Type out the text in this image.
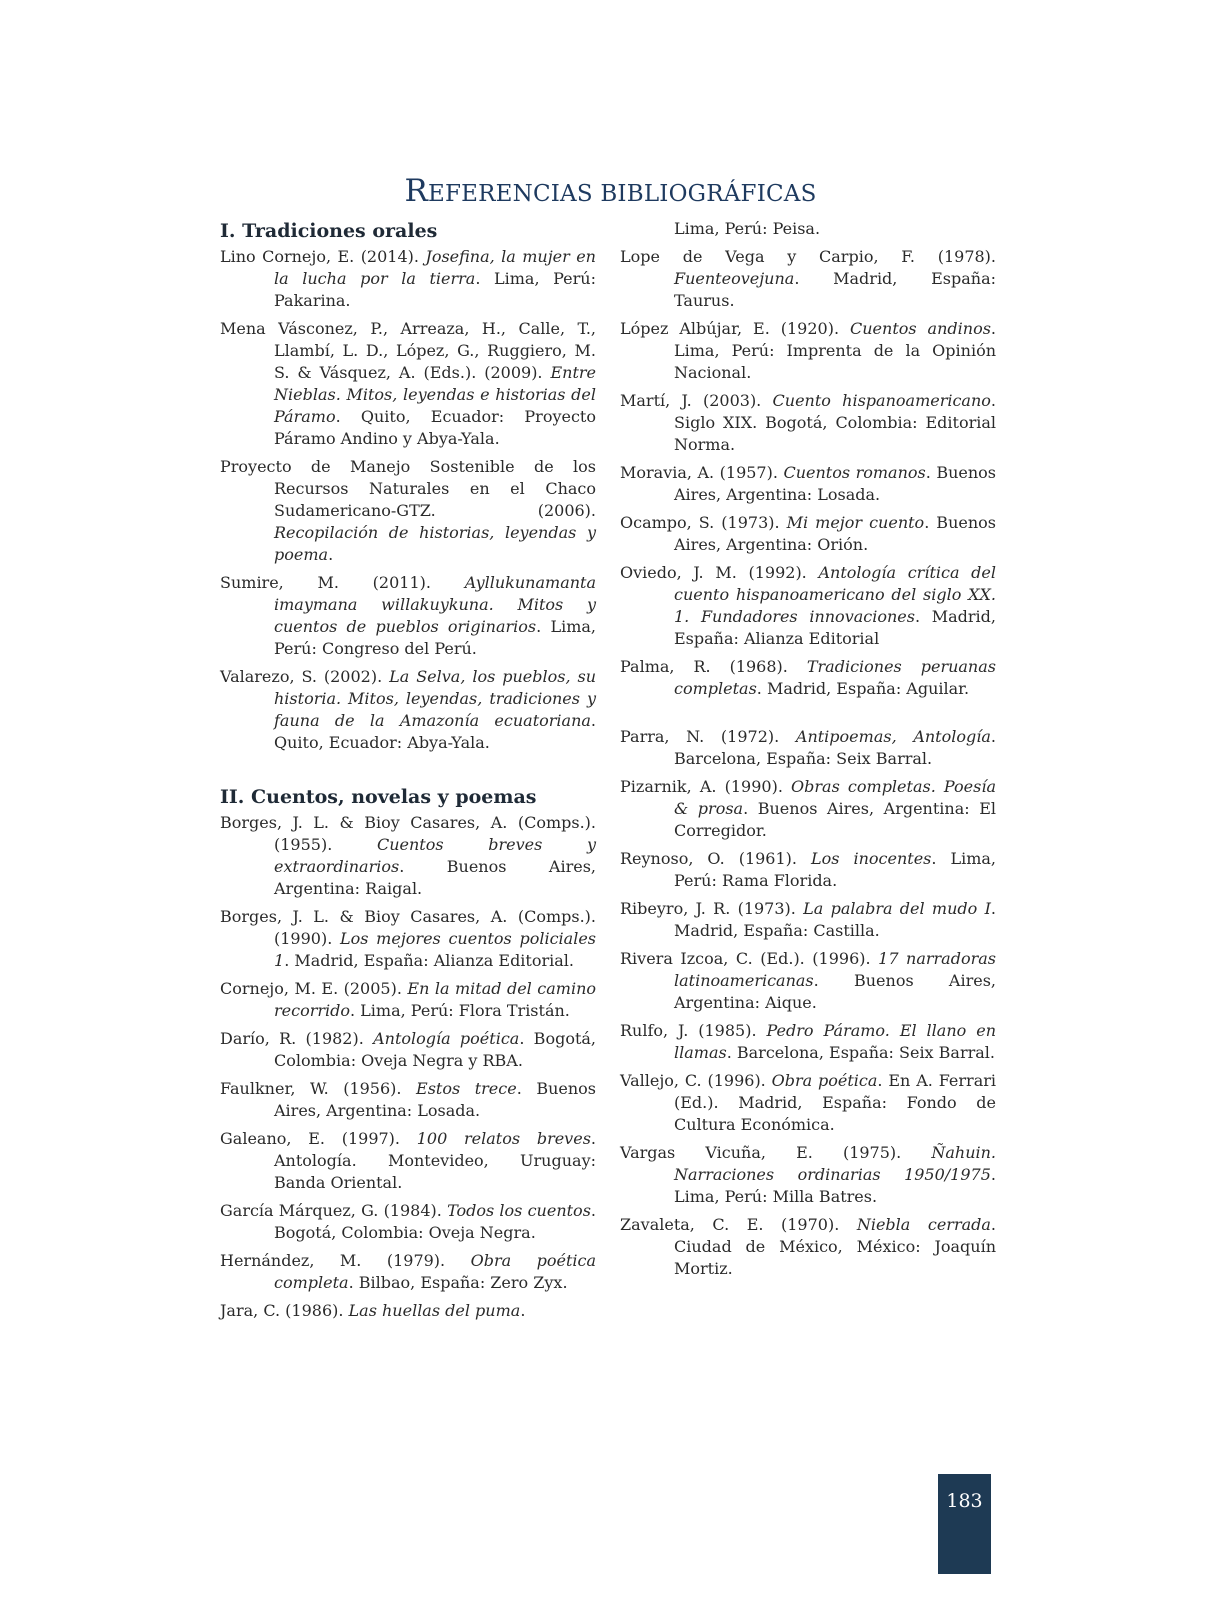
REFERENCIAS BIBLIOGRÁFICAS
I. Tradiciones orales

Lino Cornejo, E. (2014). Josefina, la mujer en la lucha por la tierra. Lima, Perú: Pakarina.

Mena Vásconez, P., Arreaza, H., Calle, T., Llambí, L. D., López, G., Ruggiero, M. S. & Vásquez, A. (Eds.). (2009). Entre Nieblas. Mitos, leyendas e historias del Páramo. Quito, Ecuador: Proyecto Páramo Andino y Abya-Yala.

Proyecto de Manejo Sostenible de los Recursos Naturales en el Chaco Sudamericano-GTZ. (2006). Recopilación de historias, leyendas y poema.

Sumire, M. (2011). Ayllukunamanta imaymana willakuykuna. Mitos y cuentos de pueblos originarios. Lima, Perú: Congreso del Perú.

Valarezo, S. (2002). La Selva, los pueblos, su historia. Mitos, leyendas, tradiciones y fauna de la Amazonía ecuatoriana. Quito, Ecuador: Abya-Yala.

II. Cuentos, novelas y poemas

Borges, J. L. & Bioy Casares, A. (Comps.). (1955). Cuentos breves y extraordinarios. Buenos Aires, Argentina: Raigal.

Borges, J. L. & Bioy Casares, A. (Comps.). (1990). Los mejores cuentos policiales 1. Madrid, España: Alianza Editorial.

Cornejo, M. E. (2005). En la mitad del camino recorrido. Lima, Perú: Flora Tristán.

Darío, R. (1982). Antología poética. Bogotá, Colombia: Oveja Negra y RBA.

Faulkner, W. (1956). Estos trece. Buenos Aires, Argentina: Losada.

Galeano, E. (1997). 100 relatos breves. Antología. Montevideo, Uruguay: Banda Oriental.

García Márquez, G. (1984). Todos los cuentos. Bogotá, Colombia: Oveja Negra.

Hernández, M. (1979). Obra poética completa. Bilbao, España: Zero Zyx.

Jara, C. (1986). Las huellas del puma.

Lima, Perú: Peisa.

Lope de Vega y Carpio, F. (1978). Fuenteovejuna. Madrid, España: Taurus.

López Albújar, E. (1920). Cuentos andinos. Lima, Perú: Imprenta de la Opinión Nacional.

Martí, J. (2003). Cuento hispanoamericano. Siglo XIX. Bogotá, Colombia: Editorial Norma.

Moravia, A. (1957). Cuentos romanos. Buenos Aires, Argentina: Losada.

Ocampo, S. (1973). Mi mejor cuento. Buenos Aires, Argentina: Orión.

Oviedo, J. M. (1992). Antología crítica del cuento hispanoamericano del siglo XX. 1. Fundadores innovaciones. Madrid, España: Alianza Editorial

Palma, R. (1968). Tradiciones peruanas completas. Madrid, España: Aguilar.

Parra, N. (1972). Antipoemas, Antología. Barcelona, España: Seix Barral.

Pizarnik, A. (1990). Obras completas. Poesía & prosa. Buenos Aires, Argentina: El Corregidor.

Reynoso, O. (1961). Los inocentes. Lima, Perú: Rama Florida.

Ribeyro, J. R. (1973). La palabra del mudo I. Madrid, España: Castilla.

Rivera Izcoa, C. (Ed.). (1996). 17 narradoras latinoamericanas. Buenos Aires, Argentina: Aique.

Rulfo, J. (1985). Pedro Páramo. El llano en llamas. Barcelona, España: Seix Barral.

Vallejo, C. (1996). Obra poética. En A. Ferrari (Ed.). Madrid, España: Fondo de Cultura Económica.

Vargas Vicuña, E. (1975). Ñahuin. Narraciones ordinarias 1950/1975. Lima, Perú: Milla Batres.

Zavaleta, C. E. (1970). Niebla cerrada. Ciudad de México, México: Joaquín Mortiz.

183
